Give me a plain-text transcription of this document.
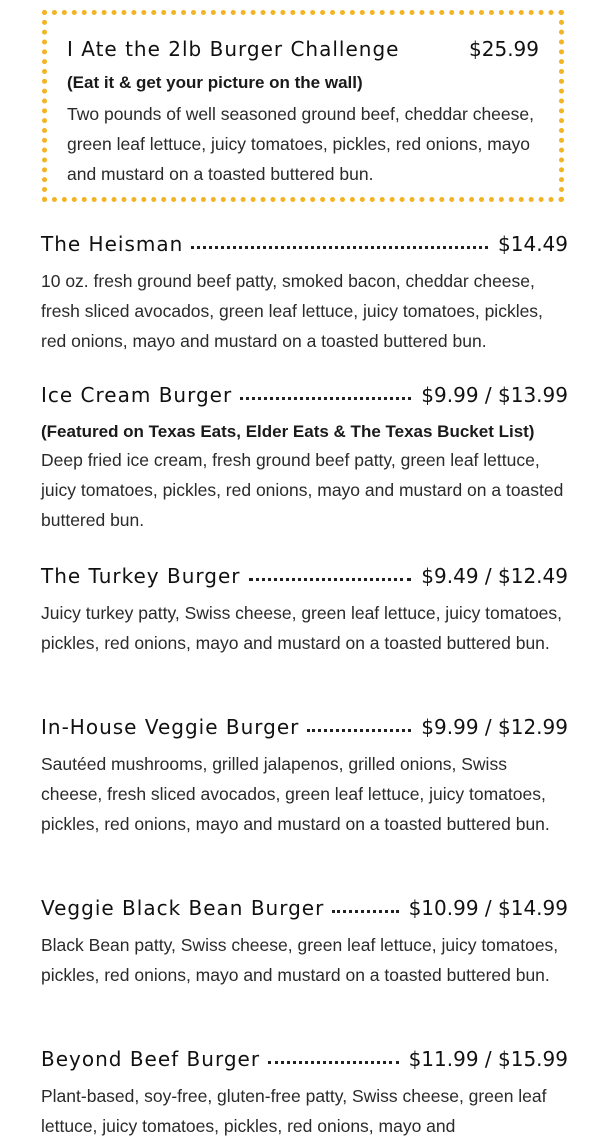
I Ate the 2lb Burger Challenge	$25.99
(Eat it & get your picture on the wall)
Two pounds of well seasoned ground beef, cheddar cheese, green leaf lettuce, juicy tomatoes, pickles, red onions, mayo and mustard on a toasted buttered bun.
The Heisman	$14.49
10 oz. fresh ground beef patty, smoked bacon, cheddar cheese, fresh sliced avocados, green leaf lettuce, juicy tomatoes, pickles, red onions, mayo and mustard on a toasted buttered bun.
Ice Cream Burger	$9.99 / $13.99
(Featured on Texas Eats, Elder Eats & The Texas Bucket List)
Deep fried ice cream, fresh ground beef patty, green leaf lettuce, juicy tomatoes, pickles, red onions, mayo and mustard on a toasted buttered bun.
The Turkey Burger	$9.49 / $12.49
Juicy turkey patty, Swiss cheese, green leaf lettuce, juicy tomatoes, pickles, red onions, mayo and mustard on a toasted buttered bun.
In-House Veggie Burger	$9.99 / $12.99
Sautéed mushrooms, grilled jalapenos, grilled onions, Swiss cheese, fresh sliced avocados, green leaf lettuce, juicy tomatoes, pickles, red onions, mayo and mustard on a toasted buttered bun.
Veggie Black Bean Burger	$10.99 / $14.99
Black Bean patty, Swiss cheese, green leaf lettuce, juicy tomatoes, pickles, red onions, mayo and mustard on a toasted buttered bun.
Beyond Beef Burger	$11.99 / $15.99
Plant-based, soy-free, gluten-free patty, Swiss cheese, green leaf lettuce, juicy tomatoes, pickles, red onions, mayo and
